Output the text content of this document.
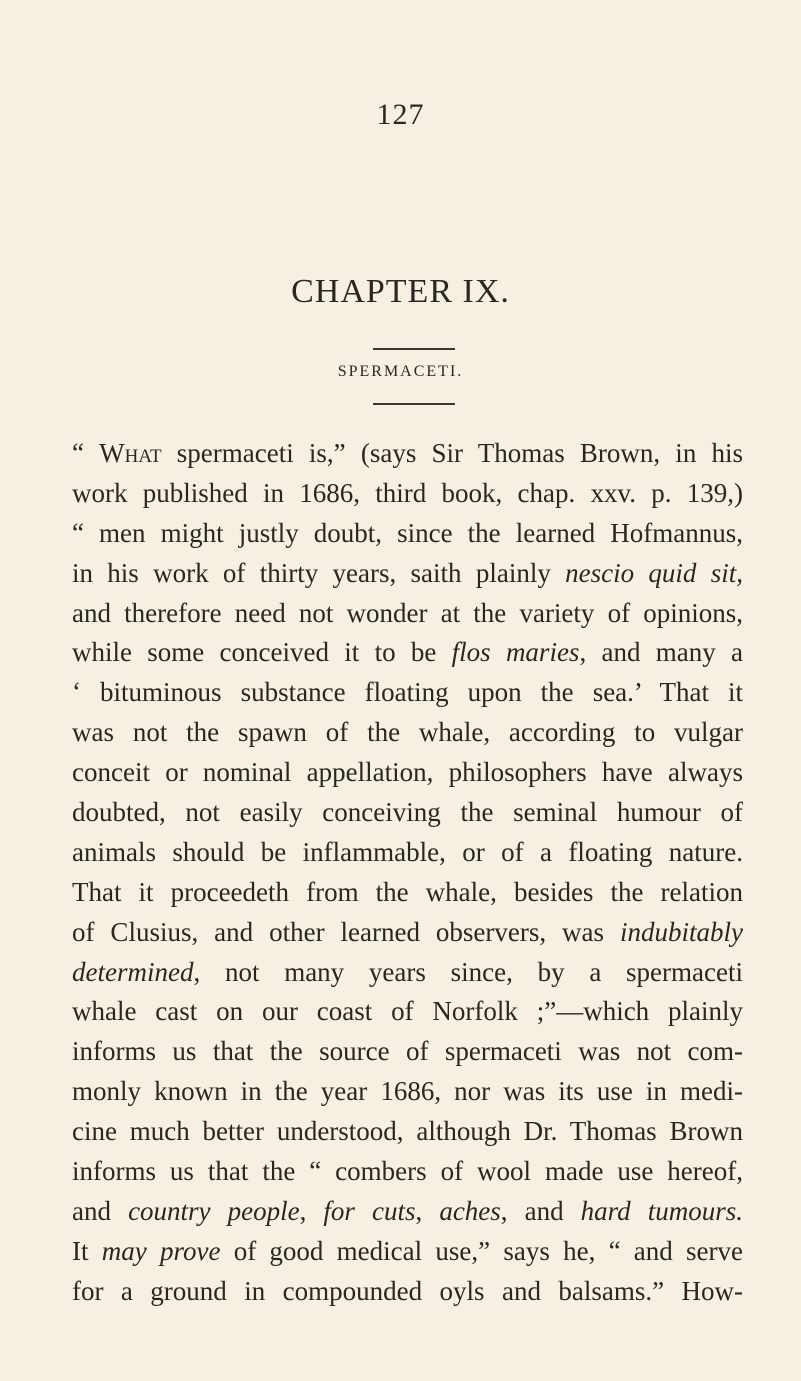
127
CHAPTER IX.
SPERMACETI.
“ What spermaceti is,” (says Sir Thomas Brown, in his
work published in 1686, third book, chap. xxv. p. 139,)
“ men might justly doubt, since the learned Hofmannus,
in his work of thirty years, saith plainly nescio quid sit,
and therefore need not wonder at the variety of opinions,
while some conceived it to be flos maries, and many a
‘ bituminous substance floating upon the sea.’ That it
was not the spawn of the whale, according to vulgar
conceit or nominal appellation, philosophers have always
doubted, not easily conceiving the seminal humour of
animals should be inflammable, or of a floating nature.
That it proceedeth from the whale, besides the relation
of Clusius, and other learned observers, was indubitably
determined, not many years since, by a spermaceti
whale cast on our coast of Norfolk ;”—which plainly
informs us that the source of spermaceti was not com-
monly known in the year 1686, nor was its use in medi-
cine much better understood, although Dr. Thomas Brown
informs us that the “ combers of wool made use hereof,
and country people, for cuts, aches, and hard tumours.
It may prove of good medical use,” says he, “ and serve
for a ground in compounded oyls and balsams.” How-
